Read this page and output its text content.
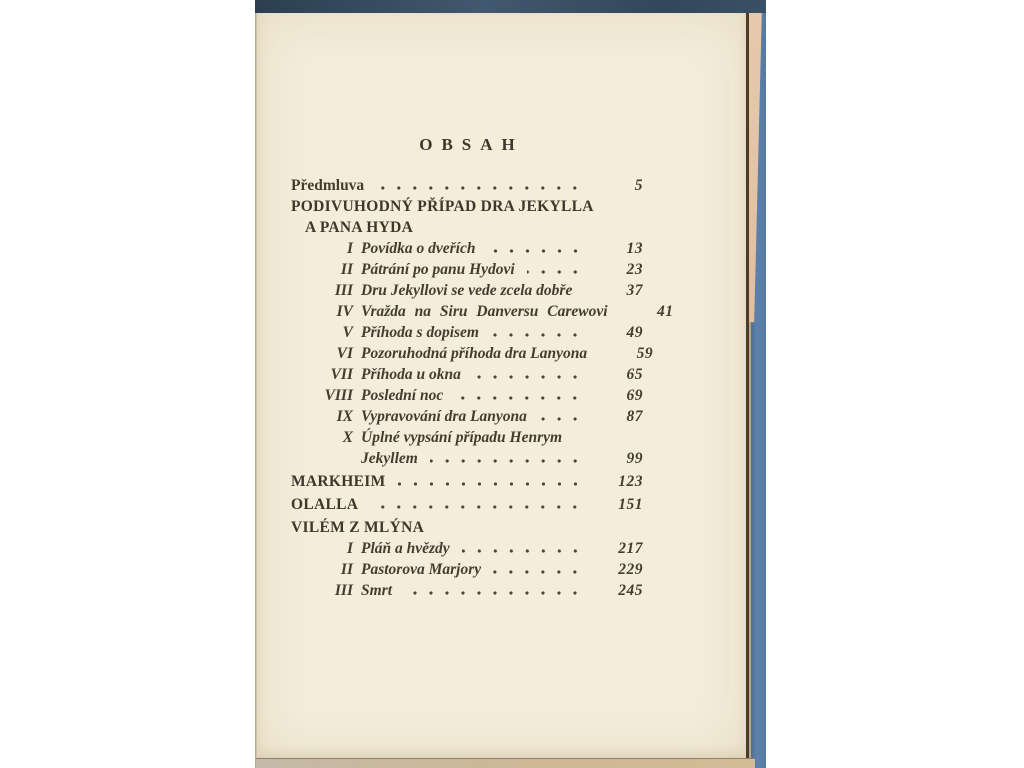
OBSAH
Předmluva	5
PODIVUHODNÝ PŘÍPAD DRA JEKYLLA
A PANA HYDA
I Povídka o dveřích	13
II Pátrání po panu Hydovi	23
III Dru Jekyllovi se vede zcela dobře	37
IV Vražda na Siru Danversu Carewovi	41
V Příhoda s dopisem	49
VI Pozoruhodná příhoda dra Lanyona	59
VII Příhoda u okna	65
VIII Poslední noc	69
IX Vypravování dra Lanyona	87
X Úplné vypsání případu Henrym
Jekyllem	99
MARKHEIM	123
OLALLA	151
VILÉM Z MLÝNA
I Pláň a hvězdy	217
II Pastorova Marjory	229
III Smrt	245
